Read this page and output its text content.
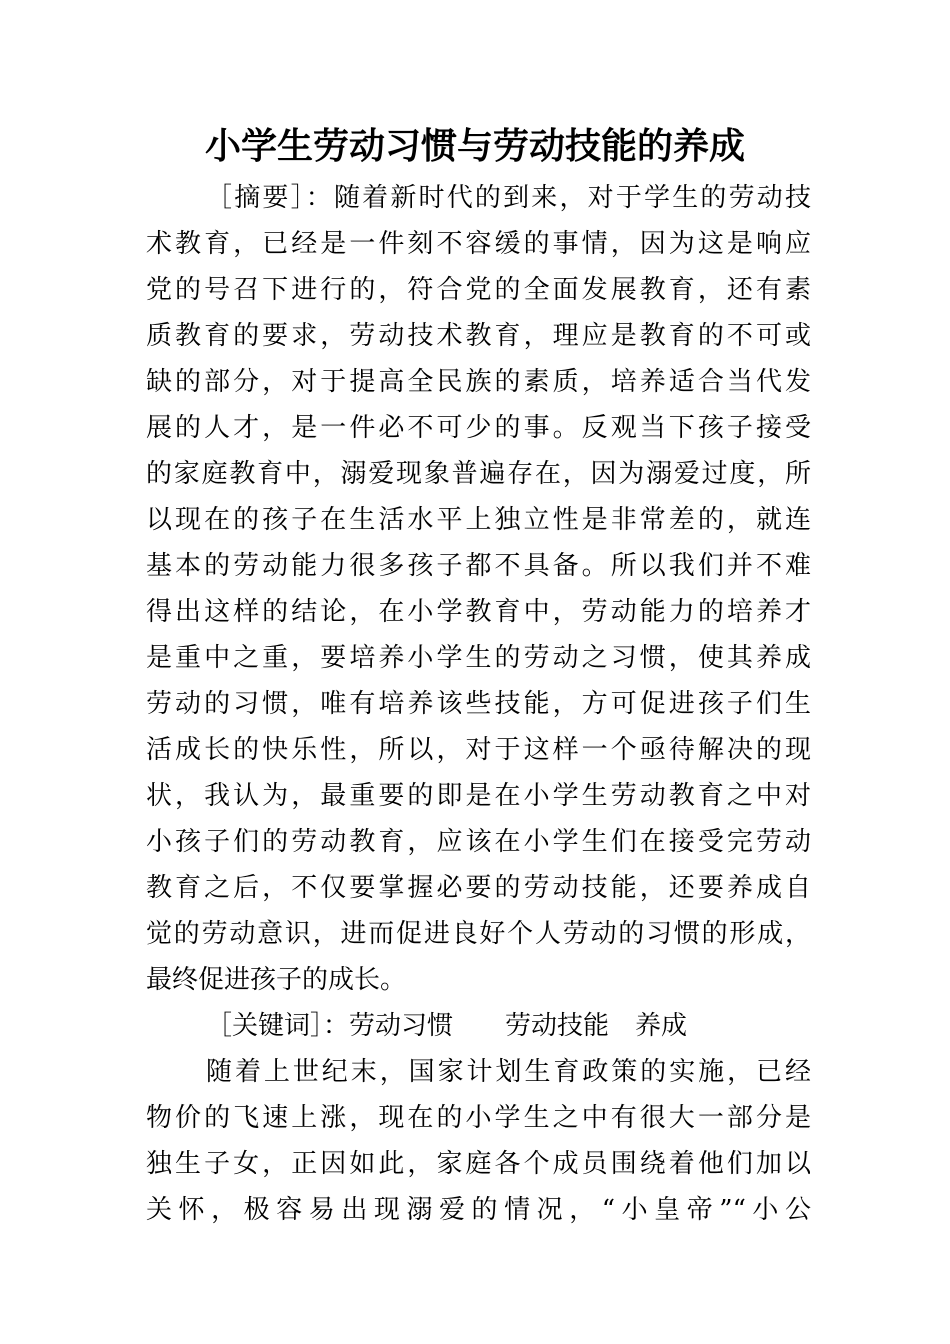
小学生劳动习惯与劳动技能的养成
［摘要］：随着新时代的到来，对于学生的劳动技
术教育，已经是一件刻不容缓的事情，因为这是响应
党的号召下进行的，符合党的全面发展教育，还有素
质教育的要求，劳动技术教育，理应是教育的不可或
缺的部分，对于提高全民族的素质，培养适合当代发
展的人才，是一件必不可少的事。反观当下孩子接受
的家庭教育中，溺爱现象普遍存在，因为溺爱过度，所
以现在的孩子在生活水平上独立性是非常差的，就连
基本的劳动能力很多孩子都不具备。所以我们并不难
得出这样的结论，在小学教育中，劳动能力的培养才
是重中之重，要培养小学生的劳动之习惯，使其养成
劳动的习惯，唯有培养该些技能，方可促进孩子们生
活成长的快乐性，所以，对于这样一个亟待解决的现
状，我认为，最重要的即是在小学生劳动教育之中对
小孩子们的劳动教育，应该在小学生们在接受完劳动
教育之后，不仅要掌握必要的劳动技能，还要养成自
觉的劳动意识，进而促进良好个人劳动的习惯的形成，
最终促进孩子的成长。
［关键词］：劳动习惯　　劳动技能　养成
随着上世纪末，国家计划生育政策的实施，已经
物价的飞速上涨，现在的小学生之中有很大一部分是
独生子女，正因如此，家庭各个成员围绕着他们加以
关怀，极容易出现溺爱的情况，“小皇帝”“小公
